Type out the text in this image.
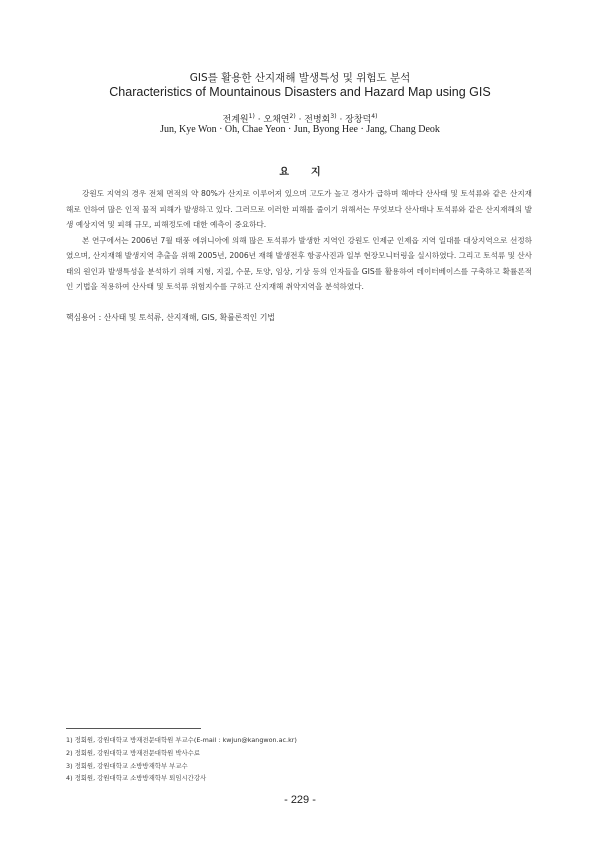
GIS를 활용한 산지재해 발생특성 및 위험도 분석
Characteristics of Mountainous Disasters and Hazard Map using GIS
전계원$^{1)}$ · 오채연$^{2)}$ · 전병회$^{3)}$ · 장창덕$^{4)}$
Jun, Kye Won · Oh, Chae Yeon · Jun, Byong Hee · Jang, Chang Deok
요지

강원도 지역의 경우 전체 면적의 약 80%가 산지로 이루어져 있으며 고도가 높고 경사가 급하며 해마다 산사태 및 토석류와 같은 산지재해로 인하여 많은 인적 물적 피해가 발생하고 있다. 그러므로 이러한 피해를 줄이기 위해서는 무엇보다 산사태나 토석류와 같은 산지재해의 발생 예상지역 및 피해 규모, 피해정도에 대한 예측이 중요하다.

본 연구에서는 2006년 7월 태풍 에위니아에 의해 많은 토석류가 발생한 지역인 강원도 인제군 인제읍 지역 일대를 대상지역으로 선정하였으며, 산지재해 발생지역 추출을 위해 2005년, 2006년 재해 발생전후 항공사진과 일부 현장모니터링을 실시하였다. 그리고 토석류 및 산사태의 원인과 발생특성을 분석하기 위해 지형, 지질, 수문, 토양, 임상, 기상 등의 인자들을 GIS를 활용하여 데이터베이스를 구축하고 확률론적인 기법을 적용하여 산사태 및 토석류 위험지수를 구하고 산지재해 취약지역을 분석하였다.

핵심용어 : 산사태 및 토석류, 산지재해, GIS, 확률론적인 기법
1) 정회원, 강원대학교 방재전문대학원 부교수(E-mail : kwjun@kangwon.ac.kr)
2) 정회원, 강원대학교 방재전문대학원 박사수료
3) 정회원, 강원대학교 소방방재학부 부교수
4) 정회원, 강원대학교 소방방재학부 퇴임시간강사
- 229 -
